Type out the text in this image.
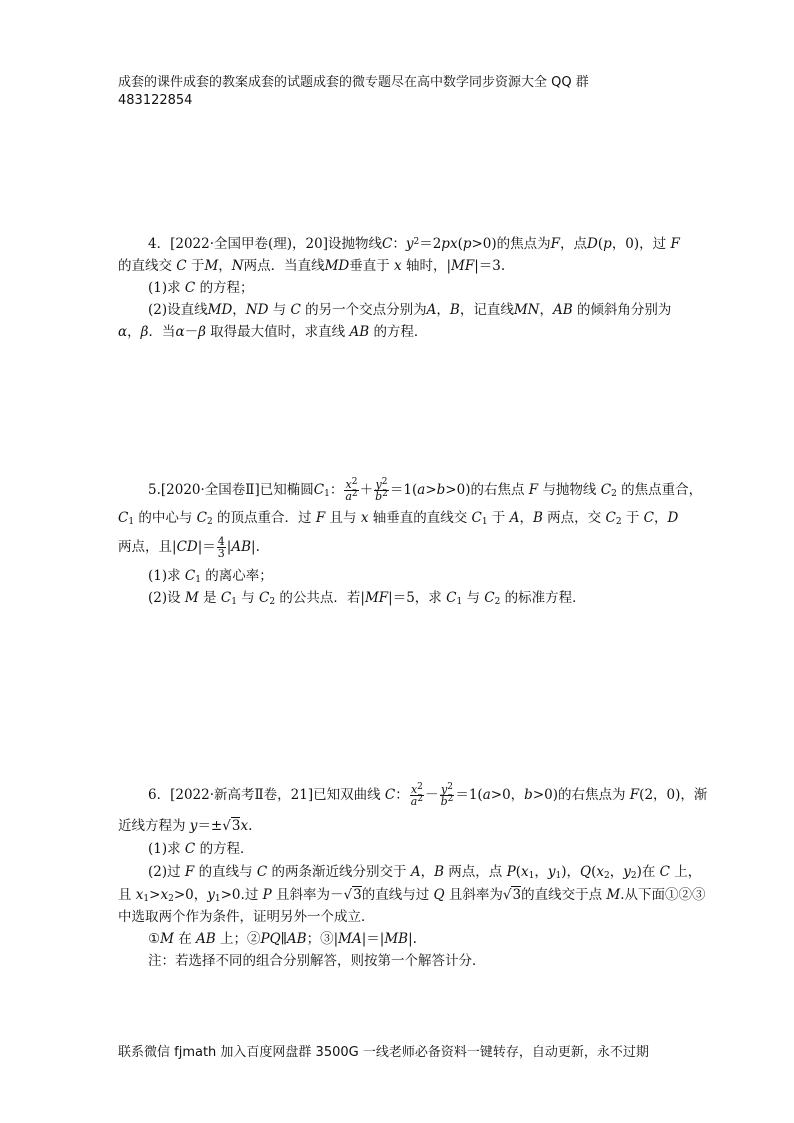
成套的课件成套的教案成套的试题成套的微专题尽在高中数学同步资源大全 QQ 群
483122854
4．[2022·全国甲卷(理)，20]设抛物线C：$y^2=2px(p>0)$的焦点为F，点D(p，0)，过 F
的直线交 C 于M，N两点．当直线MD垂直于 x 轴时，|MF|＝3.
(1)求 C 的方程；
(2)设直线MD，ND 与 C 的另一个交点分别为A，B，记直线MN，AB 的倾斜角分别为
α，β．当α－β 取得最大值时，求直线 AB 的方程．
5.[2020·全国卷Ⅱ]已知椭圆$C_1$： $\frac{x^2}{a^2} + \frac{y^2}{b^2} =1(a>b>0)$的右焦点 F 与抛物线 $C_2$ 的焦点重合，
$C_1$ 的中心与 $C_2$ 的顶点重合．过 F 且与 x 轴垂直的直线交 $C_1$ 于 A，B 两点，交 $C_2$ 于 C，D
两点，且$|CD|= \frac{4}{3} |AB|$.
(1)求 $C_1$ 的离心率；
(2)设 M 是 $C_1$ 与 $C_2$ 的公共点．若|MF|＝5，求 $C_1$ 与 $C_2$ 的标准方程．
6．[2022·新高考Ⅱ卷，21]已知双曲线 C： $\frac{x^2}{a^2} - \frac{y^2}{b^2} =1(a>0$，b>0)的右焦点为 F(2，0)，渐
近线方程为 y＝±√3x.
(1)求 C 的方程．
(2)过 F 的直线与 C 的两条渐近线分别交于 A，B 两点，点 $P(x_1$，$y_1$)，$Q(x_2$，$y_2$)在 C 上，
且 $x_1>x_2>0$，$y_1>0$.过 P 且斜率为－√3的直线与过 Q 且斜率为√3的直线交于点 M.从下面①②③
中选取两个作为条件，证明另外一个成立．
①M 在 AB 上；②PQ∥AB；③|MA|＝|MB|.
注：若选择不同的组合分别解答，则按第一个解答计分．
联系微信 fjmath 加入百度网盘群 3500G 一线老师必备资料一键转存，自动更新，永不过期
